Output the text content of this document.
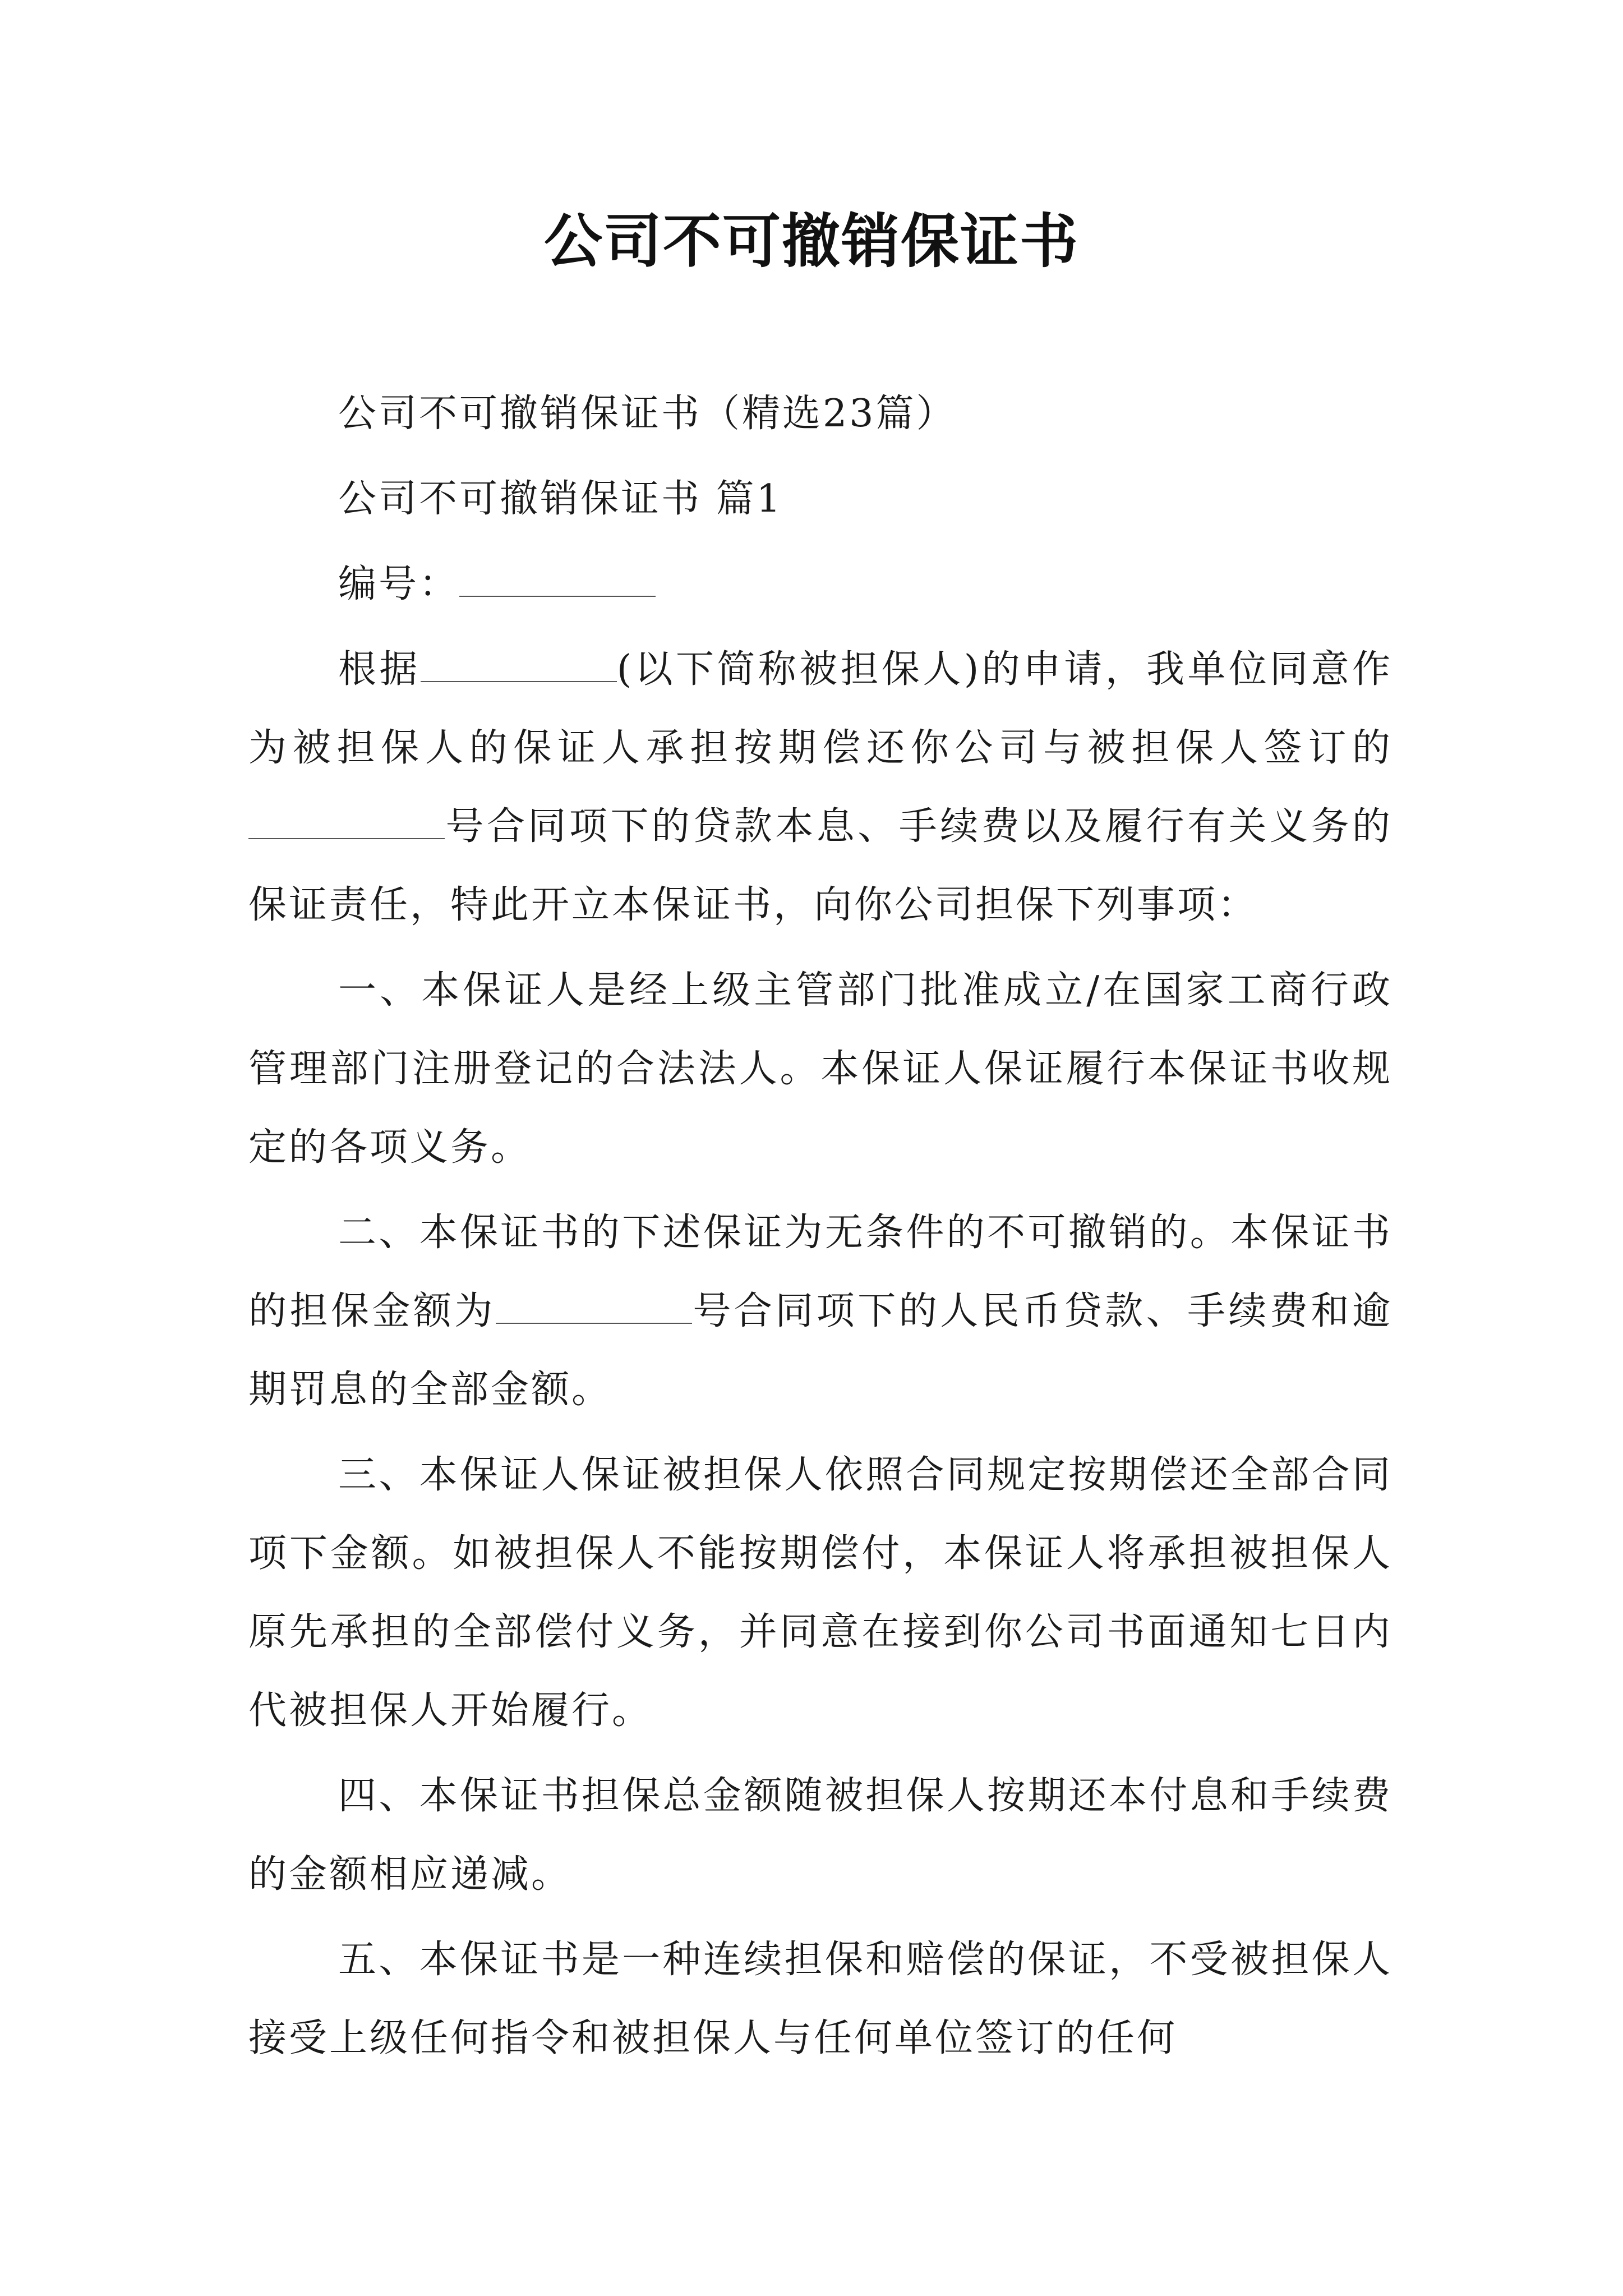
公司不可撤销保证书
公司不可撤销保证书（精选23篇）
公司不可撤销保证书 篇1
编号：

根据	(以下简称被担保人)的申请，我单位同意作为被担保人的保证人承担按期偿还你公司与被担保人签订的号合同项下的贷款本息、手续费以及履行有关义务的保证责任，特此开立本保证书，向你公司担保下列事项：

一、本保证人是经上级主管部门批准成立/在国家工商行政管理部门注册登记的合法法人。本保证人保证履行本保证书收规定的各项义务。

二、本保证书的下述保证为无条件的不可撤销的。本保证书的担保金额为	号合同项下的人民币贷款、手续费和逾期罚息的全部金额。

三、本保证人保证被担保人依照合同规定按期偿还全部合同项下金额。如被担保人不能按期偿付，本保证人将承担被担保人原先承担的全部偿付义务，并同意在接到你公司书面通知七日内代被担保人开始履行。

四、本保证书担保总金额随被担保人按期还本付息和手续费的金额相应递减。

五、本保证书是一种连续担保和赔偿的保证，不受被担保人接受上级任何指令和被担保人与任何单位签订的任何
